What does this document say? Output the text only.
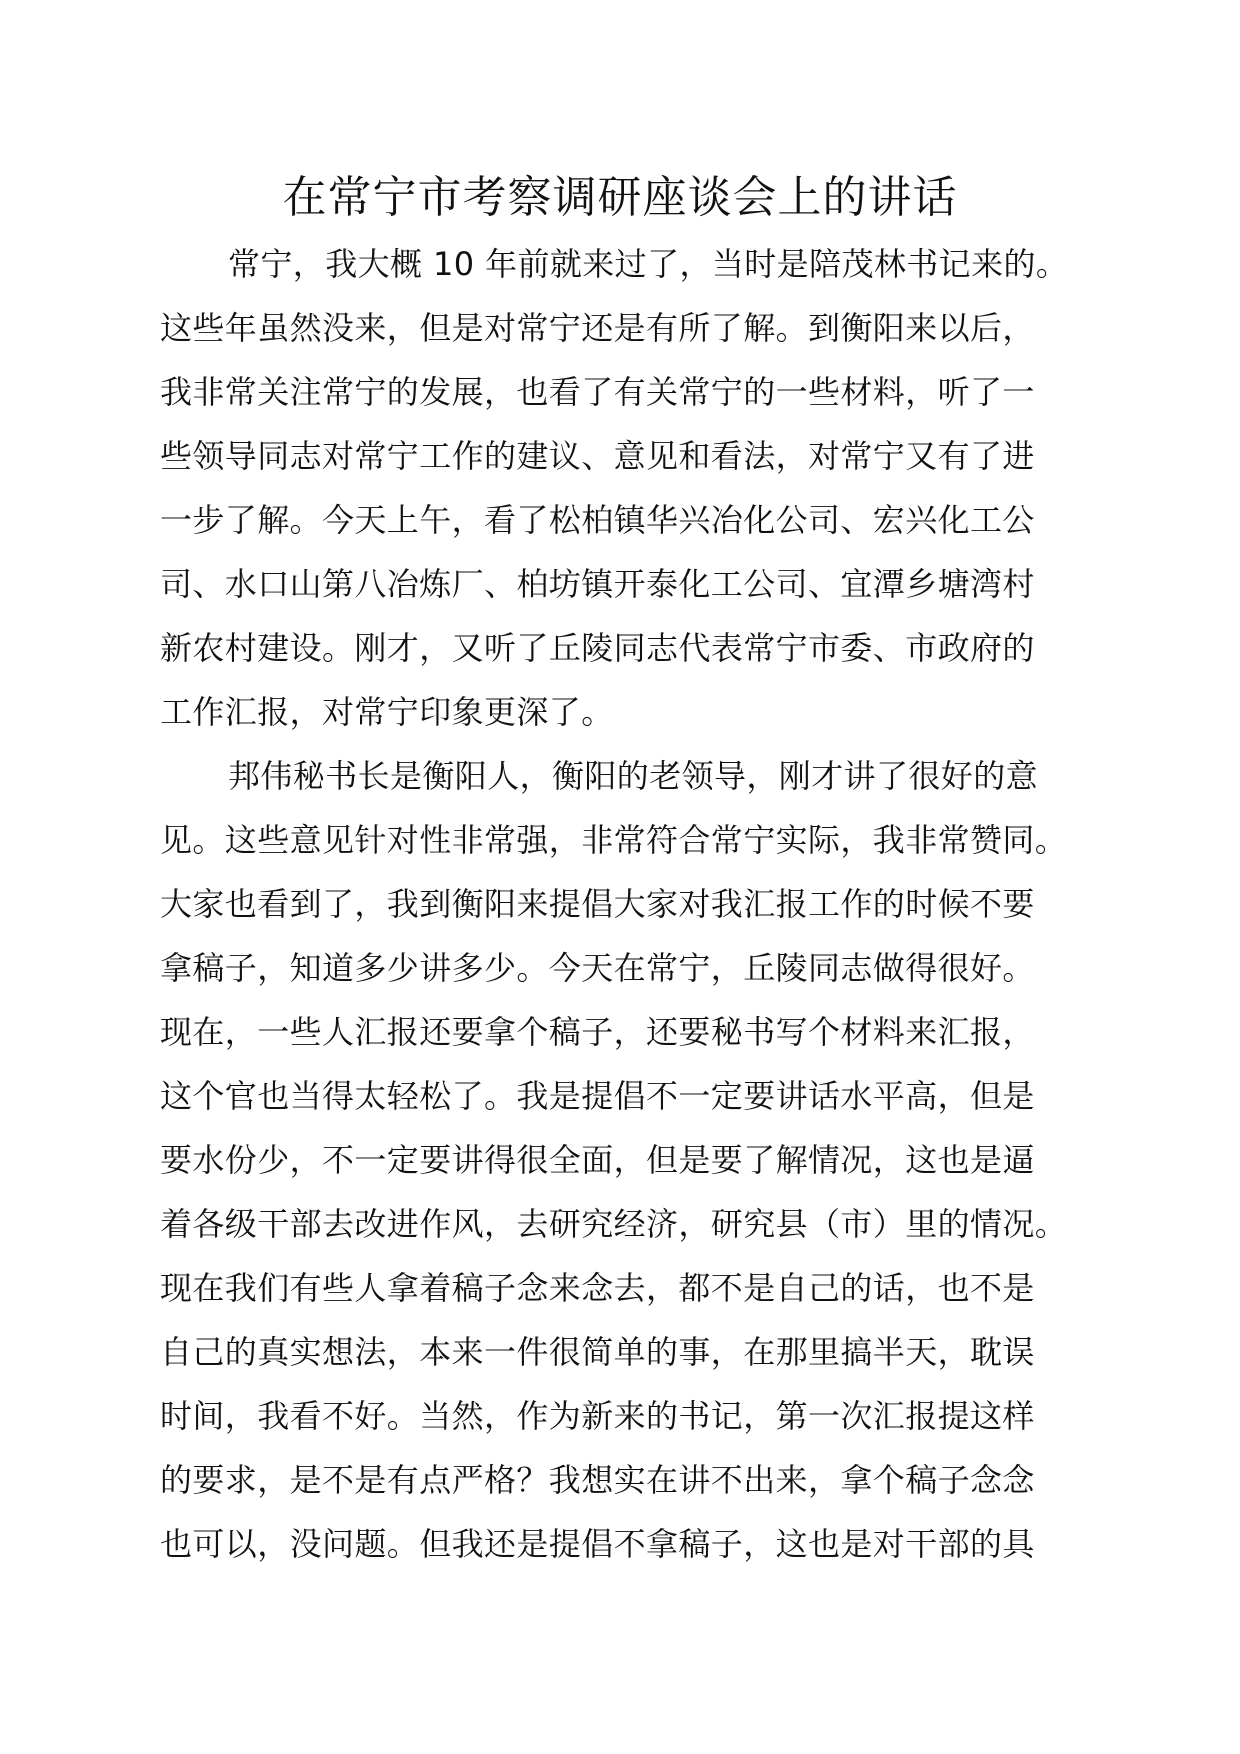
在常宁市考察调研座谈会上的讲话
常宁，我大概 10 年前就来过了，当时是陪茂林书记来的。
这些年虽然没来，但是对常宁还是有所了解。到衡阳来以后，
我非常关注常宁的发展，也看了有关常宁的一些材料，听了一
些领导同志对常宁工作的建议、意见和看法，对常宁又有了进
一步了解。今天上午，看了松柏镇华兴冶化公司、宏兴化工公
司、水口山第八冶炼厂、柏坊镇开泰化工公司、宜潭乡塘湾村
新农村建设。刚才，又听了丘陵同志代表常宁市委、市政府的
工作汇报，对常宁印象更深了。
邦伟秘书长是衡阳人，衡阳的老领导，刚才讲了很好的意
见。这些意见针对性非常强，非常符合常宁实际，我非常赞同。
大家也看到了，我到衡阳来提倡大家对我汇报工作的时候不要
拿稿子，知道多少讲多少。今天在常宁，丘陵同志做得很好。
现在，一些人汇报还要拿个稿子，还要秘书写个材料来汇报，
这个官也当得太轻松了。我是提倡不一定要讲话水平高，但是
要水份少，不一定要讲得很全面，但是要了解情况，这也是逼
着各级干部去改进作风，去研究经济，研究县（市）里的情况。
现在我们有些人拿着稿子念来念去，都不是自己的话，也不是
自己的真实想法，本来一件很简单的事，在那里搞半天，耽误
时间，我看不好。当然，作为新来的书记，第一次汇报提这样
的要求，是不是有点严格？我想实在讲不出来，拿个稿子念念
也可以，没问题。但我还是提倡不拿稿子，这也是对干部的具
